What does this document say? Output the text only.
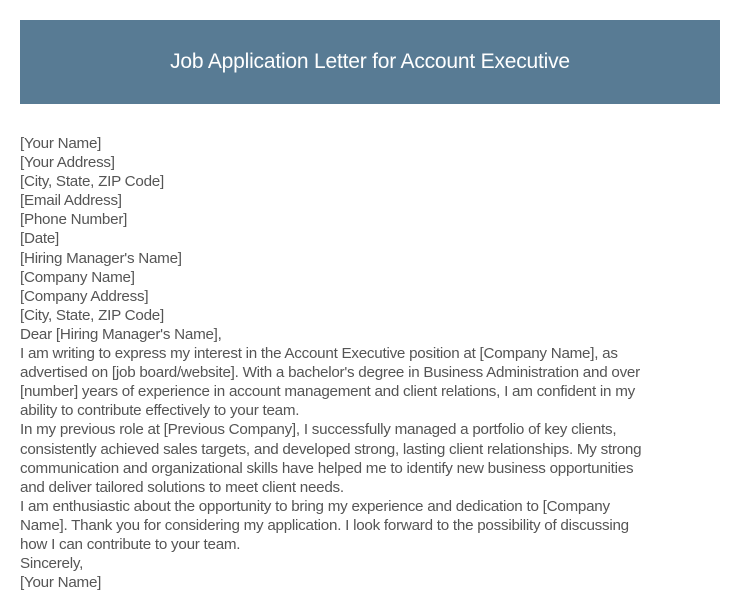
Job Application Letter for Account Executive
[Your Name]
[Your Address]
[City, State, ZIP Code]
[Email Address]
[Phone Number]
[Date]
[Hiring Manager's Name]
[Company Name]
[Company Address]
[City, State, ZIP Code]
Dear [Hiring Manager's Name],
I am writing to express my interest in the Account Executive position at [Company Name], as
advertised on [job board/website]. With a bachelor's degree in Business Administration and over
[number] years of experience in account management and client relations, I am confident in my
ability to contribute effectively to your team.
In my previous role at [Previous Company], I successfully managed a portfolio of key clients,
consistently achieved sales targets, and developed strong, lasting client relationships. My strong
communication and organizational skills have helped me to identify new business opportunities
and deliver tailored solutions to meet client needs.
I am enthusiastic about the opportunity to bring my experience and dedication to [Company
Name]. Thank you for considering my application. I look forward to the possibility of discussing
how I can contribute to your team.
Sincerely,
[Your Name]
